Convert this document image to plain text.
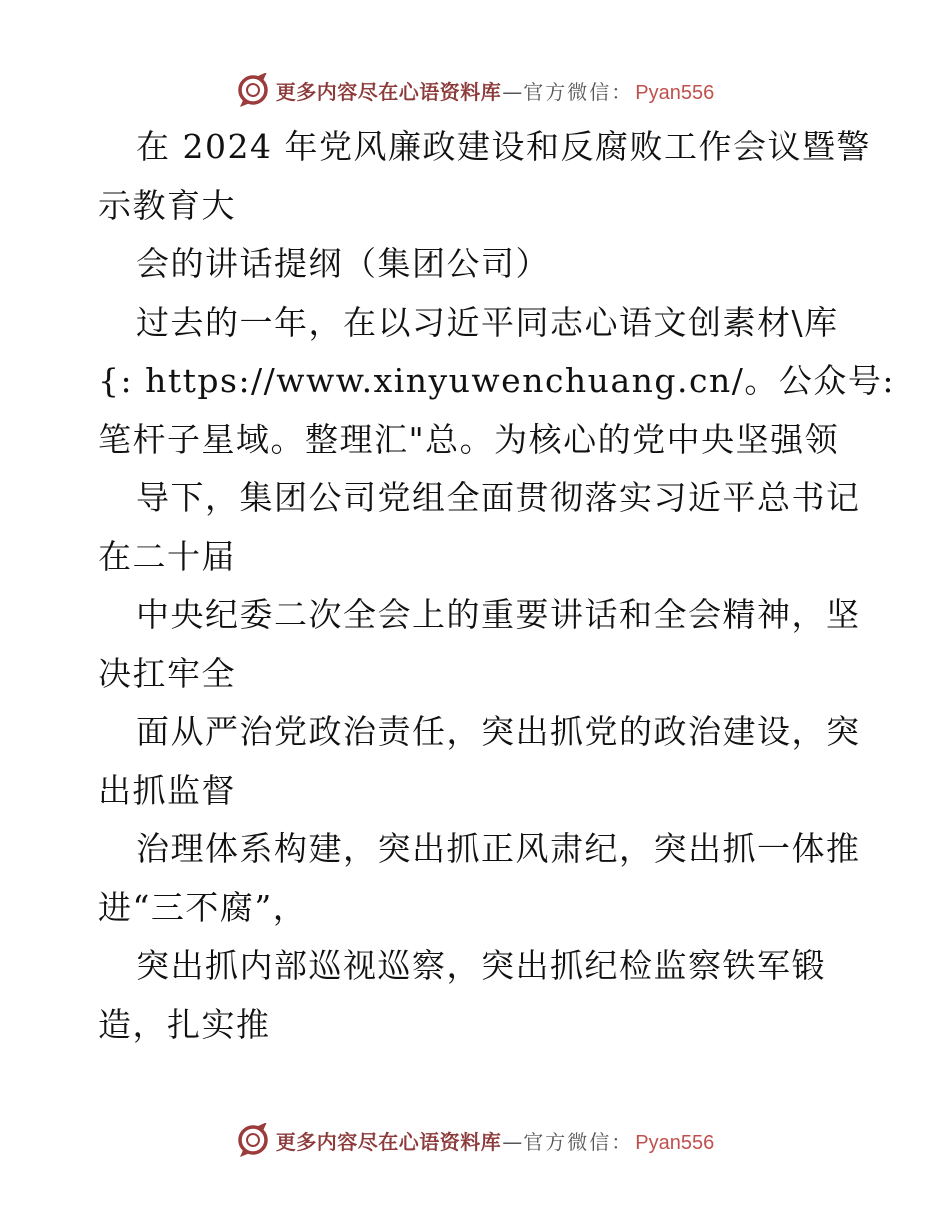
更多内容尽在心语资料库 — 官方微信： Pyan556
在 2024 年党风廉政建设和反腐败工作会议暨警
示教育大
会的讲话提纲（集团公司）
过去的一年，在以习近平同志心语文创素材\库
{: https://www.xinyuwenchuang.cn/。公众号:
笔杆子星域。整理汇"总。为核心的党中央坚强领
导下，集团公司党组全面贯彻落实习近平总书记
在二十届
中央纪委二次全会上的重要讲话和全会精神，坚
决扛牢全
面从严治党政治责任，突出抓党的政治建设，突
出抓监督
治理体系构建，突出抓正风肃纪，突出抓一体推
进“三不腐”，
突出抓内部巡视巡察，突出抓纪检监察铁军锻
造，扎实推
更多内容尽在心语资料库 — 官方微信： Pyan556
